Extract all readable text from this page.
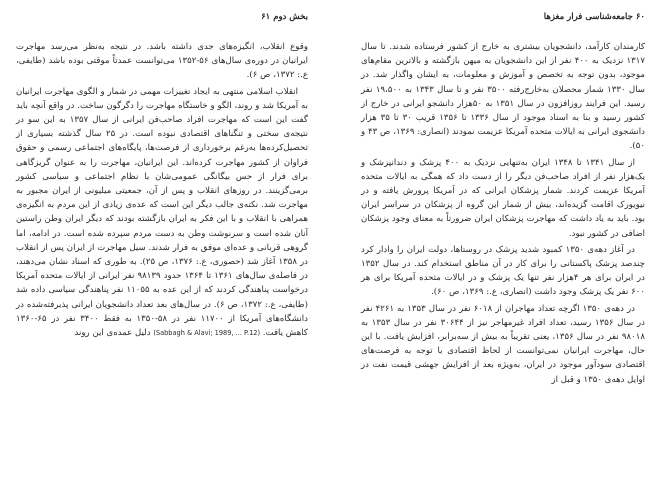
۶۰جامعه‌شناسی فرار مغزها

کارمندان کارآمد، دانشجویان بیشتری به خارج از کشور فرستاده شدند. تا سال ۱۳۱۷ نزدیک به ۴۰۰ نفر از این دانشجویان به میهن بازگشته و بالاترین مقام‌های موجود، بدون توجه به تخصص و آموزش و معلومات، به ایشان واگذار شد. در سال ۱۳۳۰ شمار محصلان به‌خارج‌رفته ۳۵۰۰ نفر و تا سال ۱۳۴۳ به ۱۹،۵۰۰ نفر رسید. این فرایند روزافزون در سال ۱۳۵۱ به ۵۰هزار دانشجو ایرانی در خارج از کشور رسید و بنا به اسناد موجود از سال ۱۳۳۶ تا ۱۳۵۶ قریب ۳۰ تا ۳۵ هزار دانشجوی ایرانی به ایالات متحده آمریکا عزیمت نمودند (انصاری: ۱۳۶۹، ص ۴۳ و ۵۰).

از سال ۱۳۴۱ تا ۱۳۴۸ ایران به‌تنهایی نزدیک به ۴۰۰ پزشک و دندانپزشک و یک‌هزار نفر از افراد صاحب‌فن دیگر را از دست داد که همگی به ایالات متحده آمریکا عزیمت کردند. شمار پزشکان ایرانی که در آمریکا پرورش یافته و در نیویورک اقامت گزیده‌اند، بیش از شمار این گروه از پزشکان در سراسر ایران بود. باید به یاد داشت که مهاجرت پزشکان ایران ضرورتاً به معنای وجود پزشکان اضافی در کشور نبود.

در آغاز دهه‌ی ۱۳۵۰ کمبود شدید پزشک در روستاها، دولت ایران را وادار کرد چندصد پزشک پاکستانی را برای کار در آن مناطق استخدام کند. در سال ۱۳۵۲ در ایران برای هر ۴هزار نفر تنها یک پزشک و در ایالات متحده آمریکا برای هر ۶۰۰ نفر یک پزشک وجود داشت (انصاری، ع.: ۱۳۶۹، ص ۶۰).

در دهه‌ی ۱۳۵۰ اگرچه تعداد مهاجران از ۶۰۱۸ نفر در سال ۱۳۵۳ به ۴۲۶۱ نفر در سال ۱۳۵۶ رسید، تعداد افراد غیرمهاجر نیز از ۳۰۶۴۴ نفر در سال ۱۳۵۳ به ۹۸۰۱۸ نفر در سال ۱۳۵۶، یعنی تقریباً به بیش از سه‌برابر، افزایش یافت. با این حال، مهاجرت ایرانیان نمی‌توانست از لحاظ اقتصادی با توجه به فرصت‌های اقتصادی سودآور موجود در ایران، به‌ویژه بعد از افزایش جهشی قیمت نفت در اوایل دهه‌ی ۱۳۵۰ و قبل از

بخش دوم ۶۱

وقوع انقلاب، انگیزه‌های جدی داشته باشد. در نتیجه به‌نظر می‌رسد مهاجرت ایرانیان در دوره‌ی سال‌های ۵۶-۱۳۵۲ می‌توانست عمدتاً موقتی بوده باشد (طایفی، ع.: ۱۳۷۲، ص ۶).

انقلاب اسلامی منتهی به ایجاد تغییرات مهمی در شمار و الگوی مهاجرت ایرانیان به آمریکا شد و روند، الگو و خاستگاه مهاجرت را دگرگون ساخت. در واقع آنچه باید گفت این است که مهاجرت افراد صاحب‌فن ایرانی از سال ۱۳۵۷ به این سو در نتیجه‌ی سختی و تنگناهای اقتصادی نبوده است. در ۲۵ سال گذشته بسیاری از تحصیل‌کرده‌ها به‌رغم برخورداری از فرصت‌ها، پایگاه‌های اجتماعی رسمی و حقوق فراوان از کشور مهاجرت کرده‌اند. این ایرانیان، مهاجرت را به عنوان گریزگاهی برای فرار از حس بیگانگی عمومی‌شان با نظام اجتماعی و سیاسی کشور برمی‌گزینند. در روزهای انقلاب و پس از آن، جمعیتی میلیونی از ایران مجبور به مهاجرت شد. نکته‌ی جالب دیگر این است که عده‌ی زیادی از این مردم به انگیزه‌ی همراهی با انقلاب و با این فکر به ایران بازگشته بودند که دیگر ایران وطن راستین آنان شده است و سرنوشت وطن به دست مردم سپرده شده است. در ادامه، اما گروهی قربانی و عده‌ای موفق به فرار شدند. سیل مهاجرت از ایران پس از انقلاب در ۱۳۵۸ آغاز شد (حصوری، ع.: ۱۳۷۶، ص ۲۵). به طوری که اسناد نشان می‌دهند، در فاصله‌ی سال‌های ۱۳۶۱ تا ۱۳۶۴ حدود ۹۸۱۳۹ نفر ایرانی از ایالات متحده آمریکا درخواست پناهندگی کردند که از این عده به ۱۱۰۵۵ نفر پناهندگی سیاسی داده شد (طایفی، ع.: ۱۳۷۲، ص ۶). در سال‌های بعد تعداد دانشجویان ایرانی پذیرفته‌شده در دانشگاه‌های آمریکا از ۱۱۷۰۰ نفر در ۵۸-۱۳۵۰ به فقط ۳۴۰۰ نفر در ۶۵-۱۳۶۰ کاهش یافت. (Sabbagh & Alavi; 1989, ... P.12) دلیل عمده‌ی این روند
